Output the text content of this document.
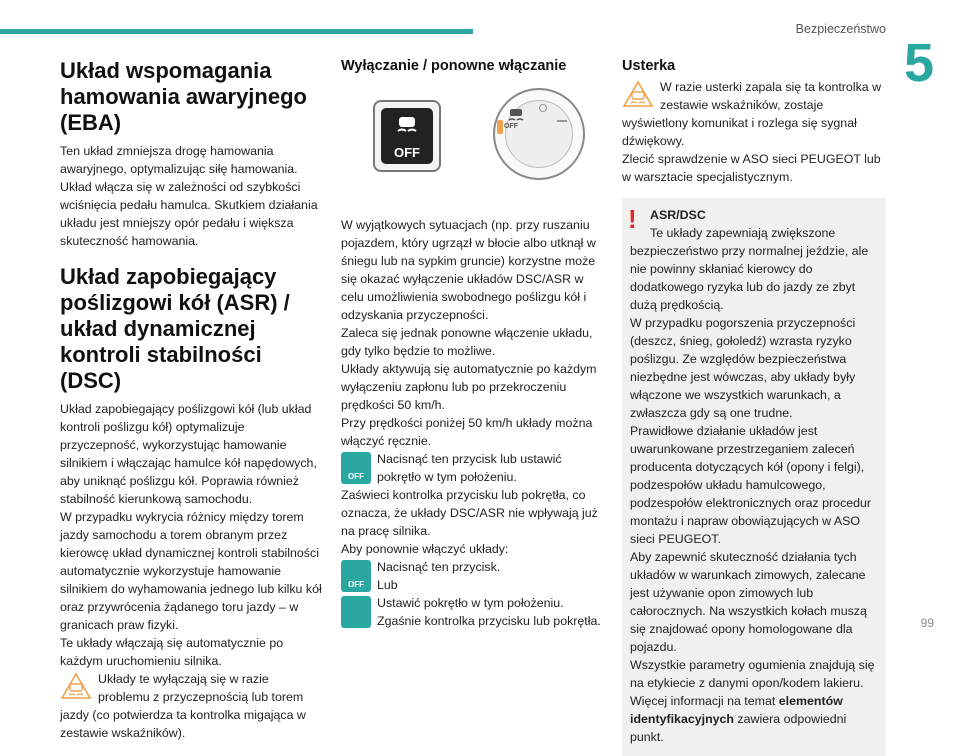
Bezpieczeństwo
5
99
Układ wspomagania hamowania awaryjnego (EBA)

Ten układ zmniejsza drogę hamowania awaryjnego, optymalizując siłę hamowania.

Układ włącza się w zależności od szybkości wciśnięcia pedału hamulca. Skutkiem działania układu jest mniejszy opór pedału i większa skuteczność hamowania.

Układ zapobiegający poślizgowi kół (ASR) / układ dynamicznej kontroli stabilności (DSC)

Układ zapobiegający poślizgowi kół (lub układ kontroli poślizgu kół) optymalizuje przyczepność, wykorzystując hamowanie silnikiem i włączając hamulce kół napędowych, aby uniknąć poślizgu kół. Poprawia również stabilność kierunkową samochodu.

W przypadku wykrycia różnicy między torem jazdy samochodu a torem obranym przez kierowcę układ dynamicznej kontroli stabilności automatycznie wykorzystuje hamowanie silnikiem do wyhamowania jednego lub kilku kół oraz przywrócenia żądanego toru jazdy – w granicach praw fizyki.

Te układy włączają się automatycznie po każdym uruchomieniu silnika.

Układy te wyłączają się w razie problemu z przyczepnością lub torem jazdy (co potwierdza ta kontrolka migająca w zestawie wskaźników).

Wyłączanie / ponowne włączanie
OFF
OFF

W wyjątkowych sytuacjach (np. przy ruszaniu pojazdem, który ugrzązł w błocie albo utknął w śniegu lub na sypkim gruncie) korzystne może się okazać wyłączenie układów DSC/ASR w celu umożliwienia swobodnego poślizgu kół i odzyskania przyczepności.

Zaleca się jednak ponowne włączenie układu, gdy tylko będzie to możliwe.

Układy aktywują się automatycznie po każdym wyłączeniu zapłonu lub po przekroczeniu prędkości 50 km/h.

Przy prędkości poniżej 50 km/h układy można włączyć ręcznie.

OFF

Nacisnąć ten przycisk lub ustawić pokrętło w tym położeniu.

Zaświeci kontrolka przycisku lub pokrętła, co oznacza, że układy DSC/ASR nie wpływają już na pracę silnika.

Aby ponownie włączyć układy:

OFF

Nacisnąć ten przycisk.

Lub

Ustawić pokrętło w tym położeniu.

Zgaśnie kontrolka przycisku lub pokrętła.

Usterka

W razie usterki zapala się ta kontrolka w zestawie wskaźników, zostaje wyświetlony komunikat i rozlega się sygnał dźwiękowy.

Zlecić sprawdzenie w ASO sieci PEUGEOT lub w warsztacie specjalistycznym.

!	ASR/DSC

Te układy zapewniają zwiększone bezpieczeństwo przy normalnej jeździe, ale nie powinny skłaniać kierowcy do dodatkowego ryzyka lub do jazdy ze zbyt dużą prędkością.

W przypadku pogorszenia przyczepności (deszcz, śnieg, gołoledź) wzrasta ryzyko poślizgu. Ze względów bezpieczeństwa niezbędne jest wówczas, aby układy były włączone we wszystkich warunkach, a zwłaszcza gdy są one trudne.

Prawidłowe działanie układów jest uwarunkowane przestrzeganiem zaleceń producenta dotyczących kół (opony i felgi), podzespołów układu hamulcowego, podzespołów elektronicznych oraz procedur montażu i napraw obowiązujących w ASO sieci PEUGEOT.

Aby zapewnić skuteczność działania tych układów w warunkach zimowych, zalecane jest używanie opon zimowych lub całorocznych. Na wszystkich kołach muszą się znajdować opony homologowane dla pojazdu.

Wszystkie parametry ogumienia znajdują się na etykiecie z danymi opon/kodem lakieru.

Więcej informacji na temat elementów identyfikacyjnych zawiera odpowiedni punkt.
